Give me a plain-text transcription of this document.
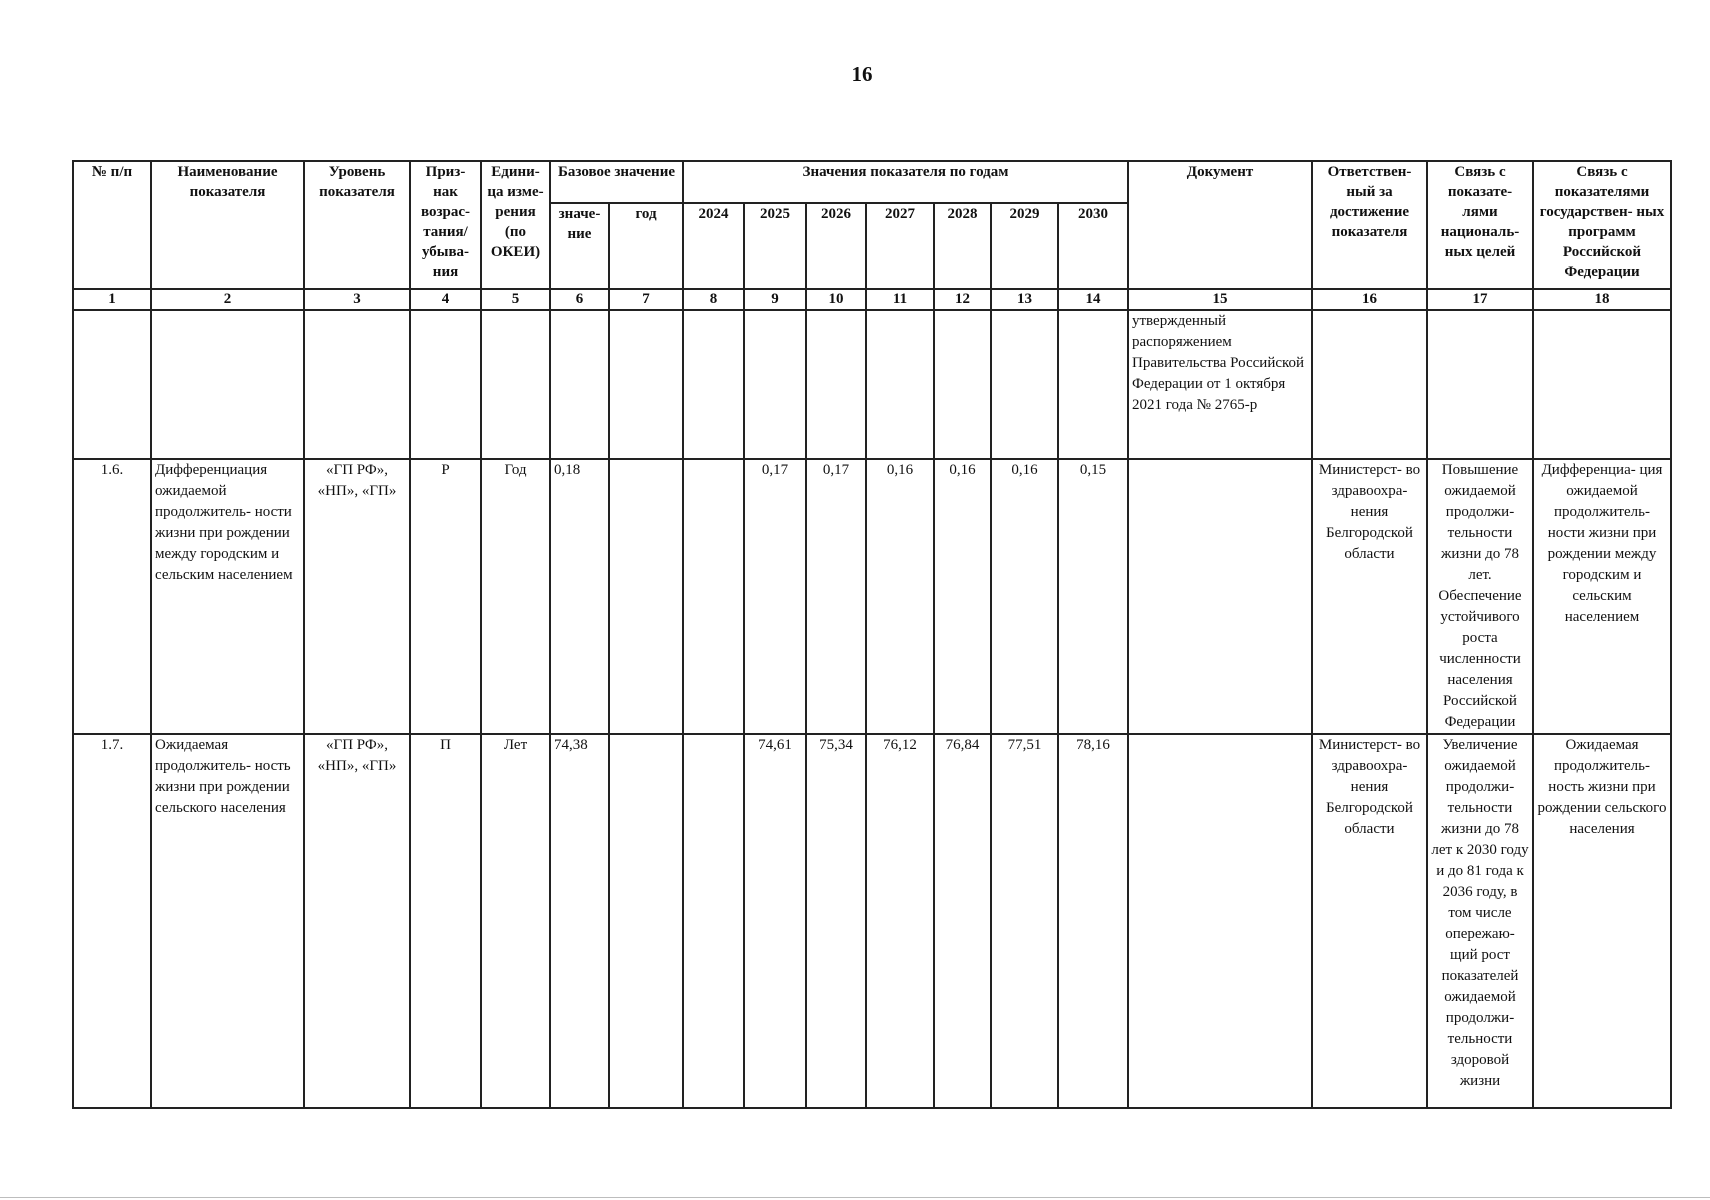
16
№ п/п	Наименование показателя	Уровень показателя	Приз- нак возрас- тания/ убыва- ния	Едини- ца изме- рения (по ОКЕИ)	Базовое значение		Значения показателя по годам							Документ	Ответствен- ный за достижение показателя	Связь с показате- лями националь- ных целей	Связь с показателями государствен- ных программ Российской Федерации
					значе- ние	год	2024	2025	2026	2027	2028	2029	2030				
1	2	3	4	5	6	7	8	9	10	11	12	13	14	15	16	17	18
														утвержденный распоряжением Правительства Российской Федерации от 1 октября 2021 года № 2765-р			
1.6.	Дифференциация ожидаемой продолжитель- ности жизни при рождении между городским и сельским населением	«ГП РФ», «НП», «ГП»	Р	Год	0,18			0,17	0,17	0,16	0,16	0,16	0,15		Министерст- во здравоохра- нения Белгородской области	Повышение ожидаемой продолжи- тельности жизни до 78 лет. Обеспечение устойчивого роста численности населения Российской Федерации	Дифференциа- ция ожидаемой продолжитель- ности жизни при рождении между городским и сельским населением
1.7.	Ожидаемая продолжитель- ность жизни при рождении сельского населения	«ГП РФ», «НП», «ГП»	П	Лет	74,38			74,61	75,34	76,12	76,84	77,51	78,16		Министерст- во здравоохра- нения Белгородской области	Увеличение ожидаемой продолжи- тельности жизни до 78 лет к 2030 году и до 81 года к 2036 году, в том числе опережаю- щий рост показателей ожидаемой продолжи- тельности здоровой жизни	Ожидаемая продолжитель- ность жизни при рождении сельского населения
